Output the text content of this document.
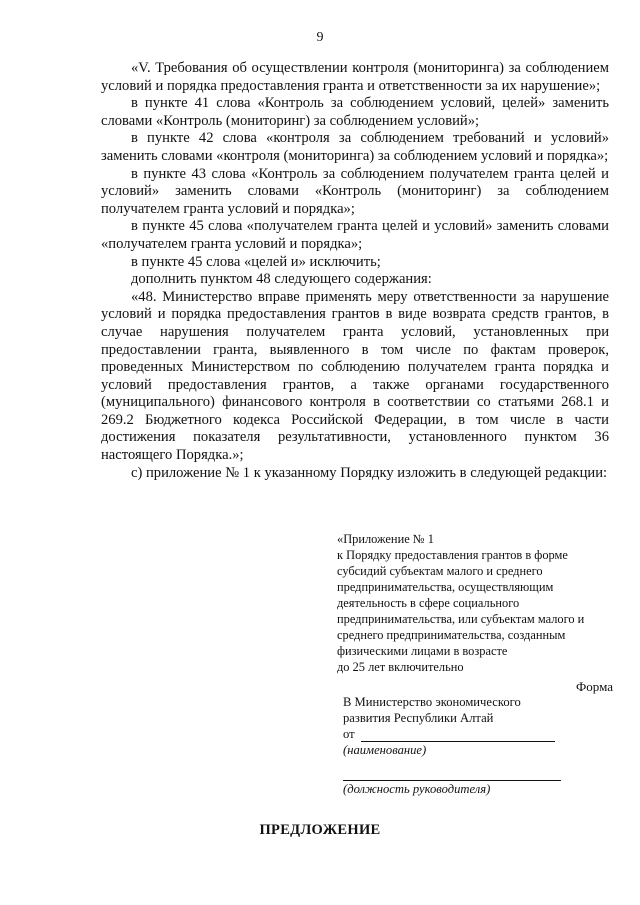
9

«V. Требования об осуществлении контроля (мониторинга) за соблюдением условий и порядка предоставления гранта и ответственности за их нарушение»;

в пункте 41 слова «Контроль за соблюдением условий, целей» заменить словами «Контроль (мониторинг) за соблюдением условий»;

в пункте 42 слова «контроля за соблюдением требований и условий» заменить словами «контроля (мониторинга) за соблюдением условий и порядка»;

в пункте 43 слова «Контроль за соблюдением получателем гранта целей и условий» заменить словами «Контроль (мониторинг) за соблюдением получателем гранта условий и порядка»;

в пункте 45 слова «получателем гранта целей и условий» заменить словами «получателем гранта условий и порядка»;

в пункте 45 слова «целей и» исключить;

дополнить пунктом 48 следующего содержания:

«48. Министерство вправе применять меру ответственности за нарушение условий и порядка предоставления грантов в виде возврата средств грантов, в случае нарушения получателем гранта условий, установленных при предоставлении гранта, выявленного в том числе по фактам проверок, проведенных Министерством по соблюдению получателем гранта порядка и условий предоставления грантов, а также органами государственного (муниципального) финансового контроля в соответствии со статьями 268.1 и 269.2 Бюджетного кодекса Российской Федерации, в том числе в части достижения показателя результативности, установленного пунктом 36 настоящего Порядка.»;

с) приложение № 1 к указанному Порядку изложить в следующей редакции:

«Приложение № 1
к Порядку предоставления грантов в форме
субсидий субъектам малого и среднего
предпринимательства, осуществляющим
деятельность в сфере социального
предпринимательства, или субъектам малого и
среднего предпринимательства, созданным
физическими лицами в возрасте
до 25 лет включительно
Форма
В Министерство экономического
развития Республики Алтай
от
(наименование)
(должность руководителя)
ПРЕДЛОЖЕНИЕ
